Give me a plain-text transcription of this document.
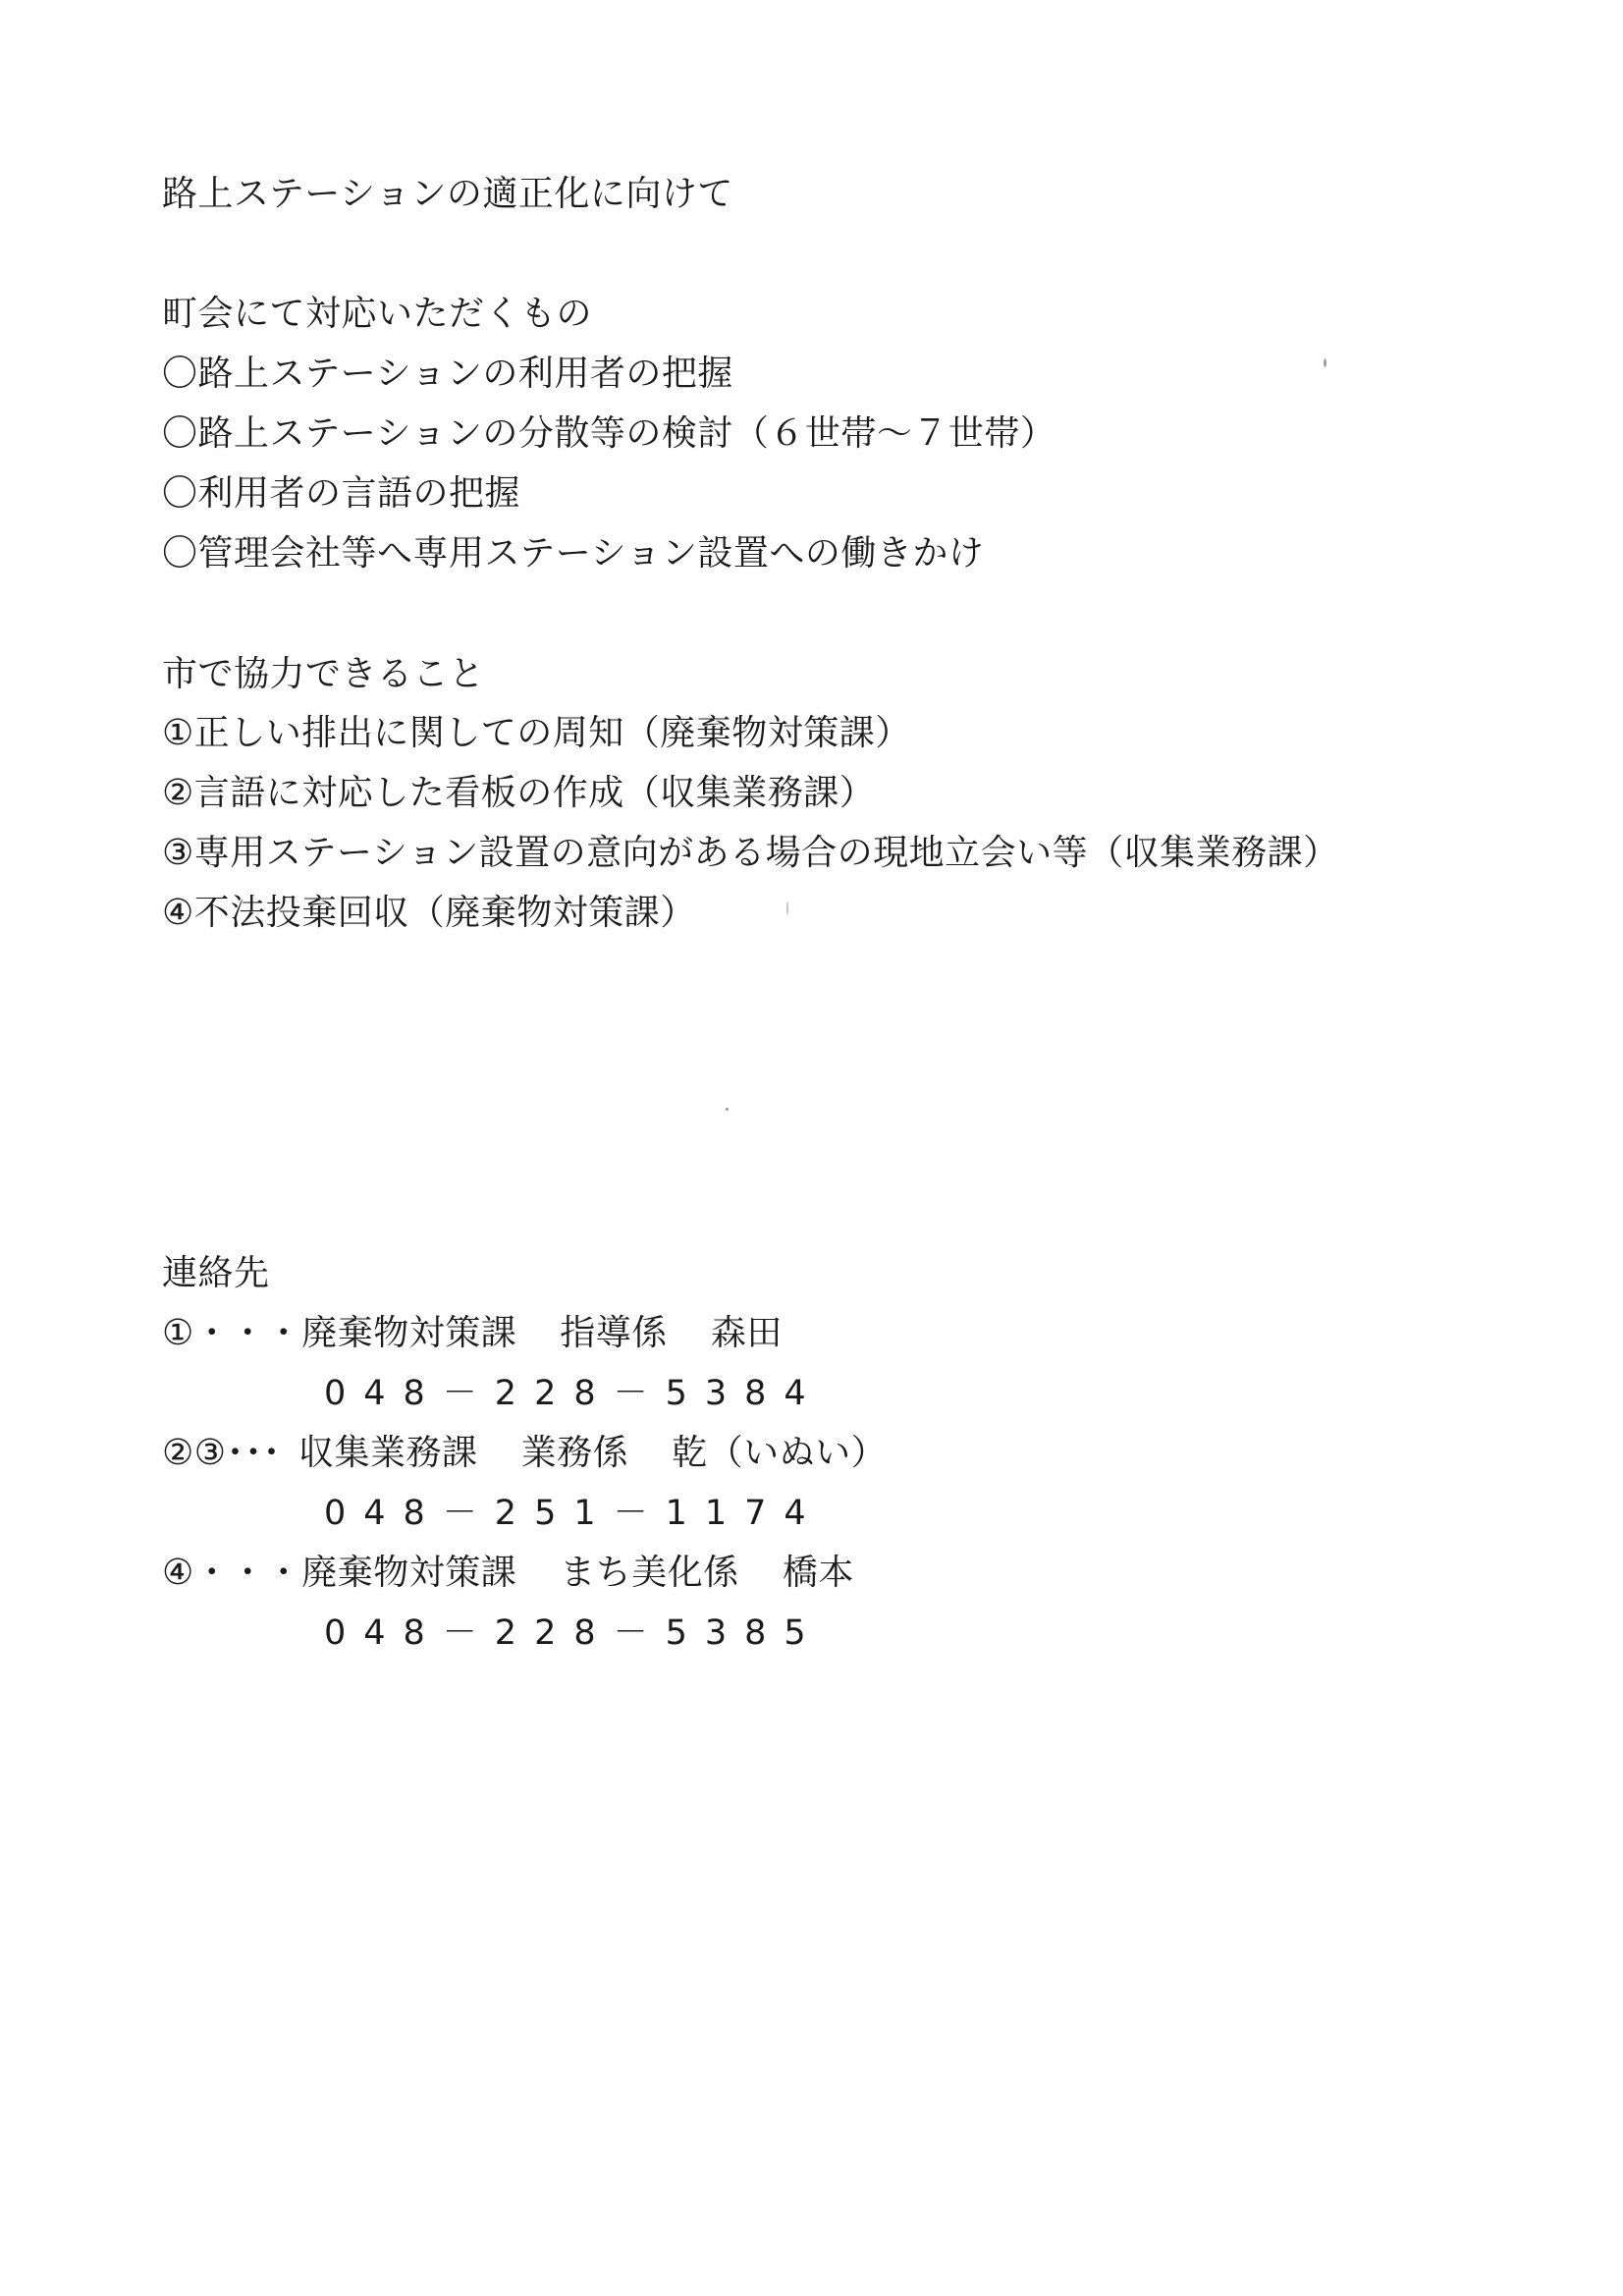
路上ステーションの適正化に向けて
町会にて対応いただくもの
〇路上ステーションの利用者の把握
〇路上ステーションの分散等の検討（６世帯～７世帯）
〇利用者の言語の把握
〇管理会社等へ専用ステーション設置への働きかけ
市で協力できること
①正しい排出に関しての周知（廃棄物対策課）
②言語に対応した看板の作成（収集業務課）
③専用ステーション設置の意向がある場合の現地立会い等（収集業務課）
④不法投棄回収（廃棄物対策課）
連絡先
①・・・廃棄物対策課 指導係 森田
048－228－5384
②③･･･ 収集業務課 業務係 乾（いぬい）
048－251－1174
④・・・廃棄物対策課 まち美化係 橋本
048－228－5385
